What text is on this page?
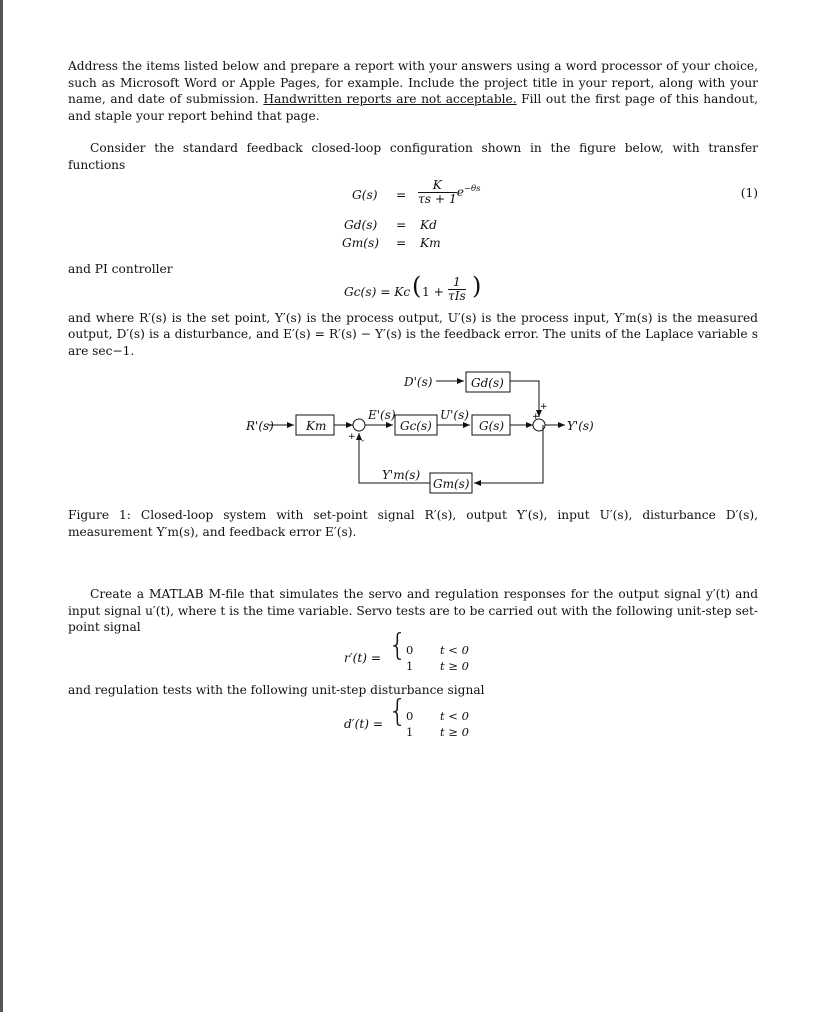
Address the items listed below and prepare a report with your answers using a word processor of your choice, such as Microsoft Word or Apple Pages, for example. Include the project title in your report, along with your name, and date of submission. Handwritten reports are not acceptable. Fill out the first page of this handout, and staple your report behind that page.

Consider the standard feedback closed-loop configuration shown in the figure below, with transfer functions

$G(s) = \frac{K}{\tau s + 1} e^{-\theta s}$	(1)
Gd(s) = Kd
Gm(s) = Km

and PI controller

Gc(s) = Kc ( 1 +
1
τIs )

and where R′(s) is the set point, Y′(s) is the process output, U′(s) is the process input, Y′m(s) is the measured output, D′(s) is a disturbance, and E′(s) = R′(s) − Y′(s) is the feedback error. The units of the Laplace variable s are sec−1.

+
+
+ -
R'(s)	Km
E'(s)
Gc(s)
U'(s)
G(s)
D'(s)	Gd(s)
Y'(s)
Y'm(s)
Gm(s)

Figure 1: Closed-loop system with set-point signal R′(s), output Y′(s), input U′(s), disturbance D′(s), measurement Y′m(s), and feedback error E′(s).

Create a MATLAB M-file that simulates the servo and regulation responses for the output signal y′(t) and input signal u′(t), where t is the time variable. Servo tests are to be carried out with the following unit-step set-point signal

r′(t) = {
0 t < 0
1 t ≥ 0

and regulation tests with the following unit-step disturbance signal

d′(t) = {
0 t < 0
1 t ≥ 0
